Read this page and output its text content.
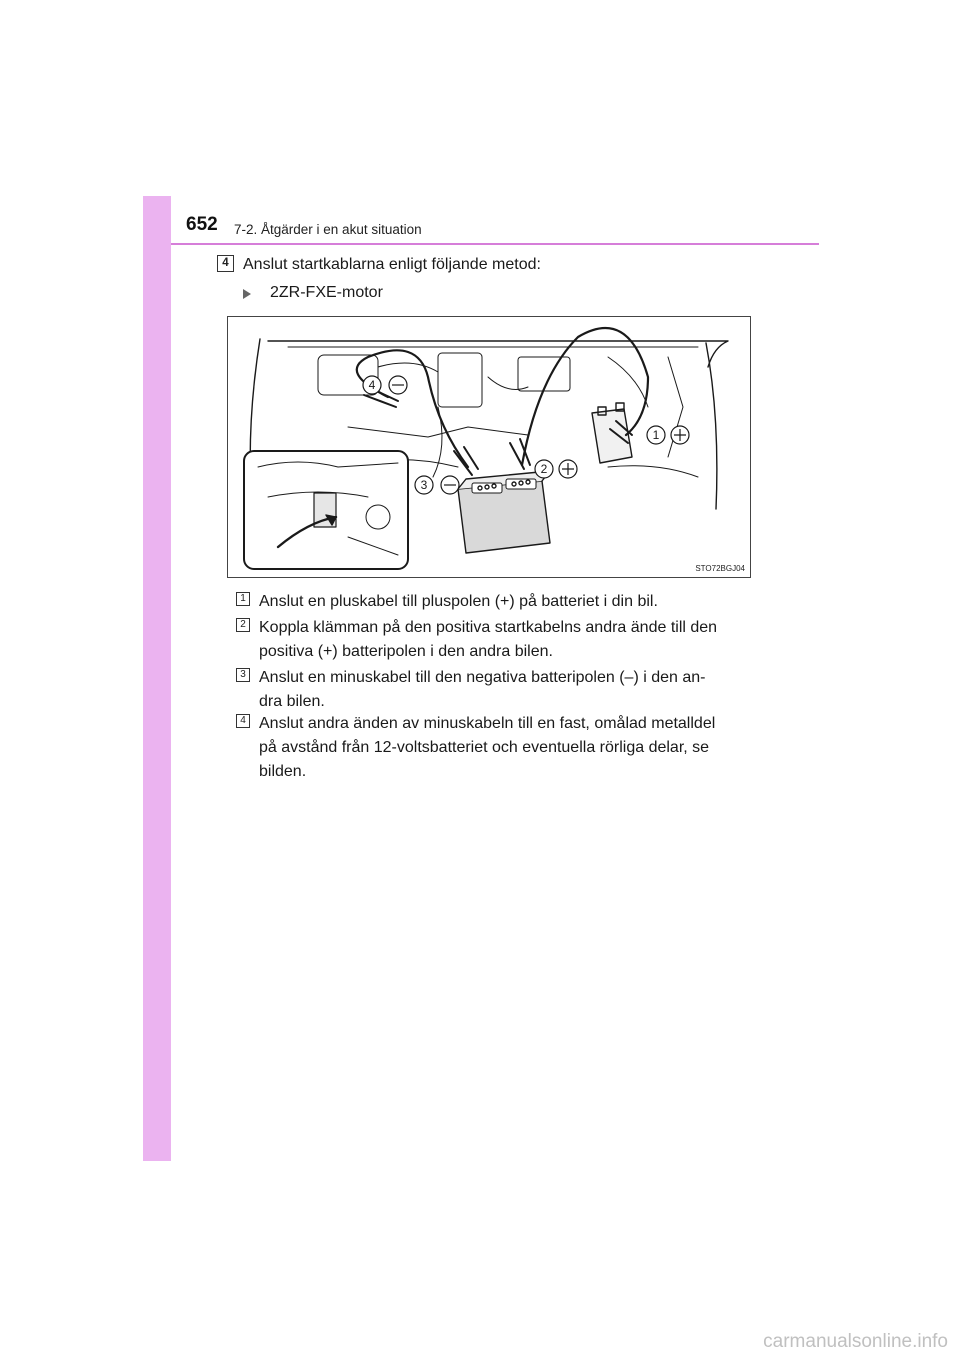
652 7-2. Åtgärder i en akut situation
4 Anslut startkablarna enligt följande metod:
2ZR-FXE-motor
4
1
2
3
STO72BGJ04
1 Anslut en pluskabel till pluspolen (+) på batteriet i din bil.
2 Koppla klämman på den positiva startkabelns andra ände till den
positiva (+) batteripolen i den andra bilen.
3 Anslut en minuskabel till den negativa batteripolen (–) i den an-
dra bilen.
4 Anslut andra änden av minuskabeln till en fast, omålad metalldel
på avstånd från 12-voltsbatteriet och eventuella rörliga delar, se
bilden.
carmanualsonline.info
